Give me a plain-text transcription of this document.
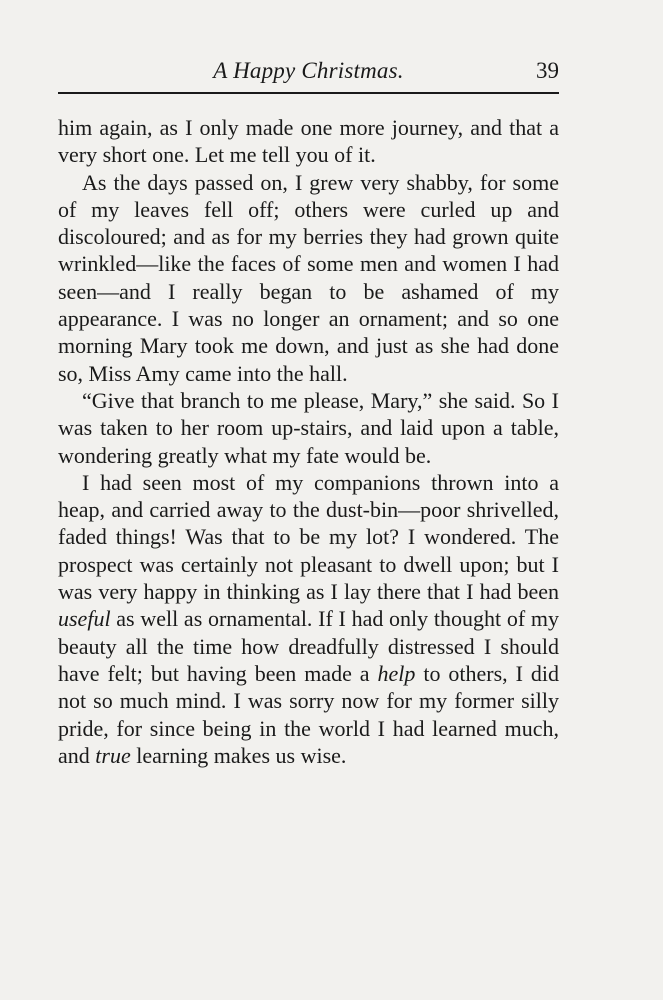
A Happy Christmas.	39

him again, as I only made one more journey, and that a very short one. Let me tell you of it.

As the days passed on, I grew very shabby, for some of my leaves fell off; others were curled up and discoloured; and as for my berries they had grown quite wrinkled—like the faces of some men and women I had seen—and I really began to be ashamed of my appearance. I was no longer an ornament; and so one morning Mary took me down, and just as she had done so, Miss Amy came into the hall.

“Give that branch to me please, Mary,” she said. So I was taken to her room up-stairs, and laid upon a table, wondering greatly what my fate would be.

I had seen most of my companions thrown into a heap, and carried away to the dust-bin—poor shrivelled, faded things! Was that to be my lot? I wondered. The prospect was certainly not pleasant to dwell upon; but I was very happy in thinking as I lay there that I had been useful as well as ornamental. If I had only thought of my beauty all the time how dreadfully distressed I should have felt; but having been made a help to others, I did not so much mind. I was sorry now for my former silly pride, for since being in the world I had learned much, and true learning makes us wise.
